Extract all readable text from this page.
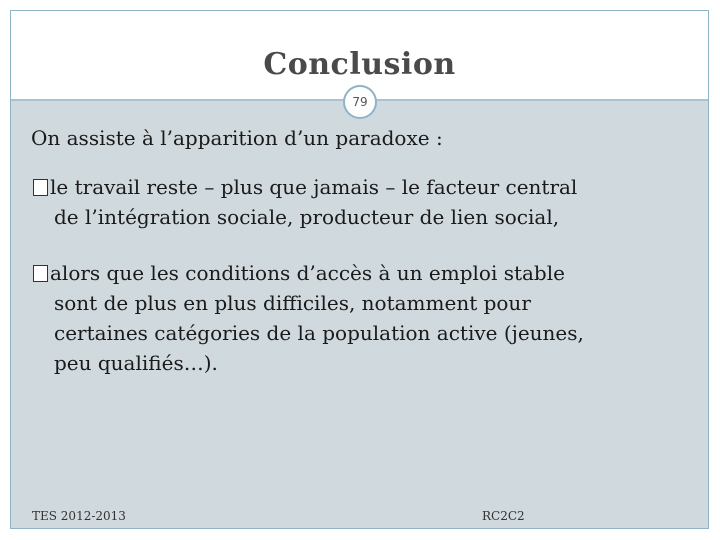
Conclusion
79
On assiste à l’apparition d’un paradoxe :
le travail reste – plus que jamais – le facteur central
de l’intégration sociale, producteur de lien social,
alors que les conditions d’accès à un emploi stable
sont de plus en plus difficiles, notamment pour
certaines catégories de la population active (jeunes,
peu qualifiés…).
TES 2012-2013	RC2C2
